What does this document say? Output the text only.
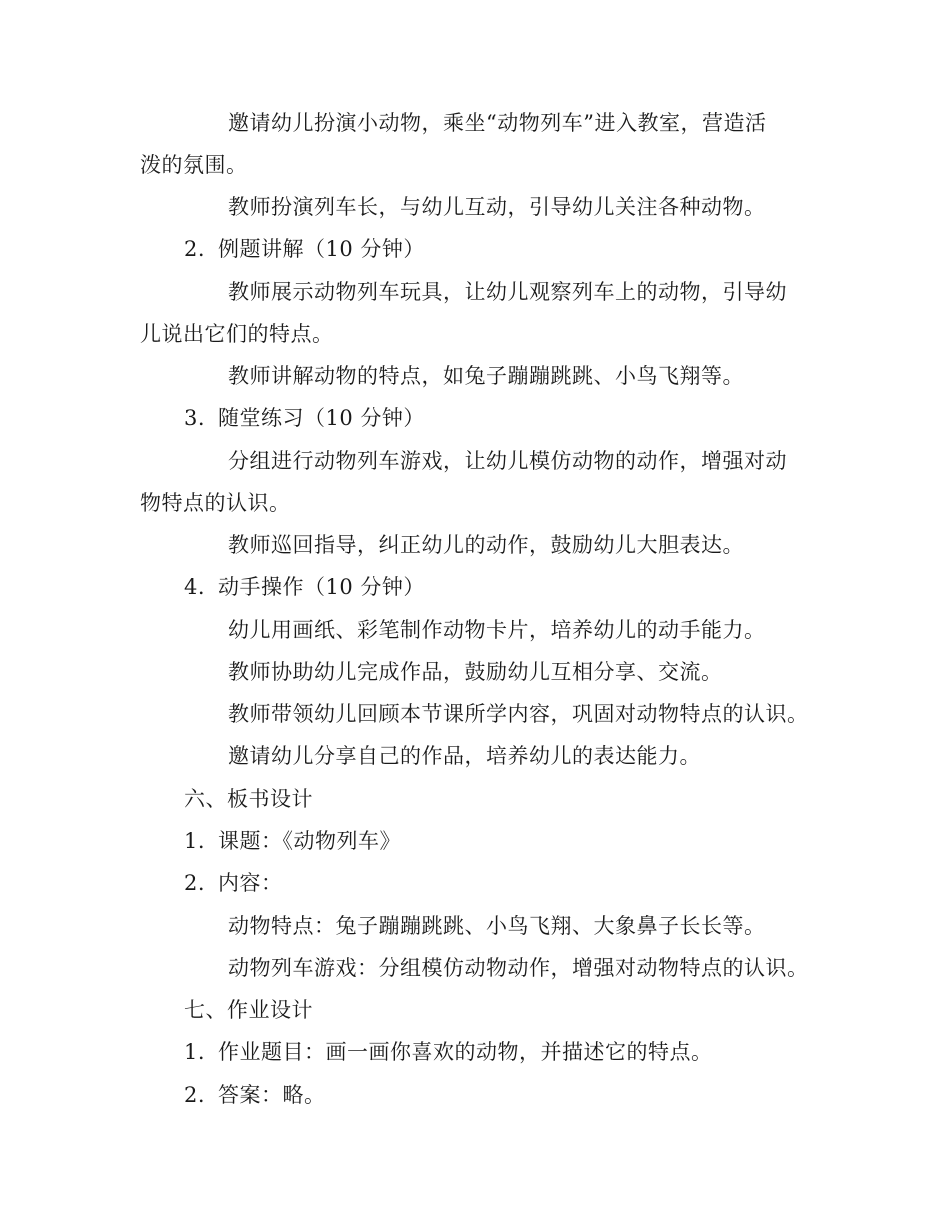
邀请幼儿扮演小动物，乘坐“动物列车”进入教室，营造活
泼的氛围。
教师扮演列车长，与幼儿互动，引导幼儿关注各种动物。
2. 例题讲解（10 分钟）
教师展示动物列车玩具，让幼儿观察列车上的动物，引导幼
儿说出它们的特点。
教师讲解动物的特点，如兔子蹦蹦跳跳、小鸟飞翔等。
3. 随堂练习（10 分钟）
分组进行动物列车游戏，让幼儿模仿动物的动作，增强对动
物特点的认识。
教师巡回指导，纠正幼儿的动作，鼓励幼儿大胆表达。
4. 动手操作（10 分钟）
幼儿用画纸、彩笔制作动物卡片，培养幼儿的动手能力。
教师协助幼儿完成作品，鼓励幼儿互相分享、交流。
教师带领幼儿回顾本节课所学内容，巩固对动物特点的认识。
邀请幼儿分享自己的作品，培养幼儿的表达能力。
六、板书设计
1. 课题：《动物列车》
2. 内容：
动物特点：兔子蹦蹦跳跳、小鸟飞翔、大象鼻子长长等。
动物列车游戏：分组模仿动物动作，增强对动物特点的认识。
七、作业设计
1. 作业题目：画一画你喜欢的动物，并描述它的特点。
2. 答案：略。
